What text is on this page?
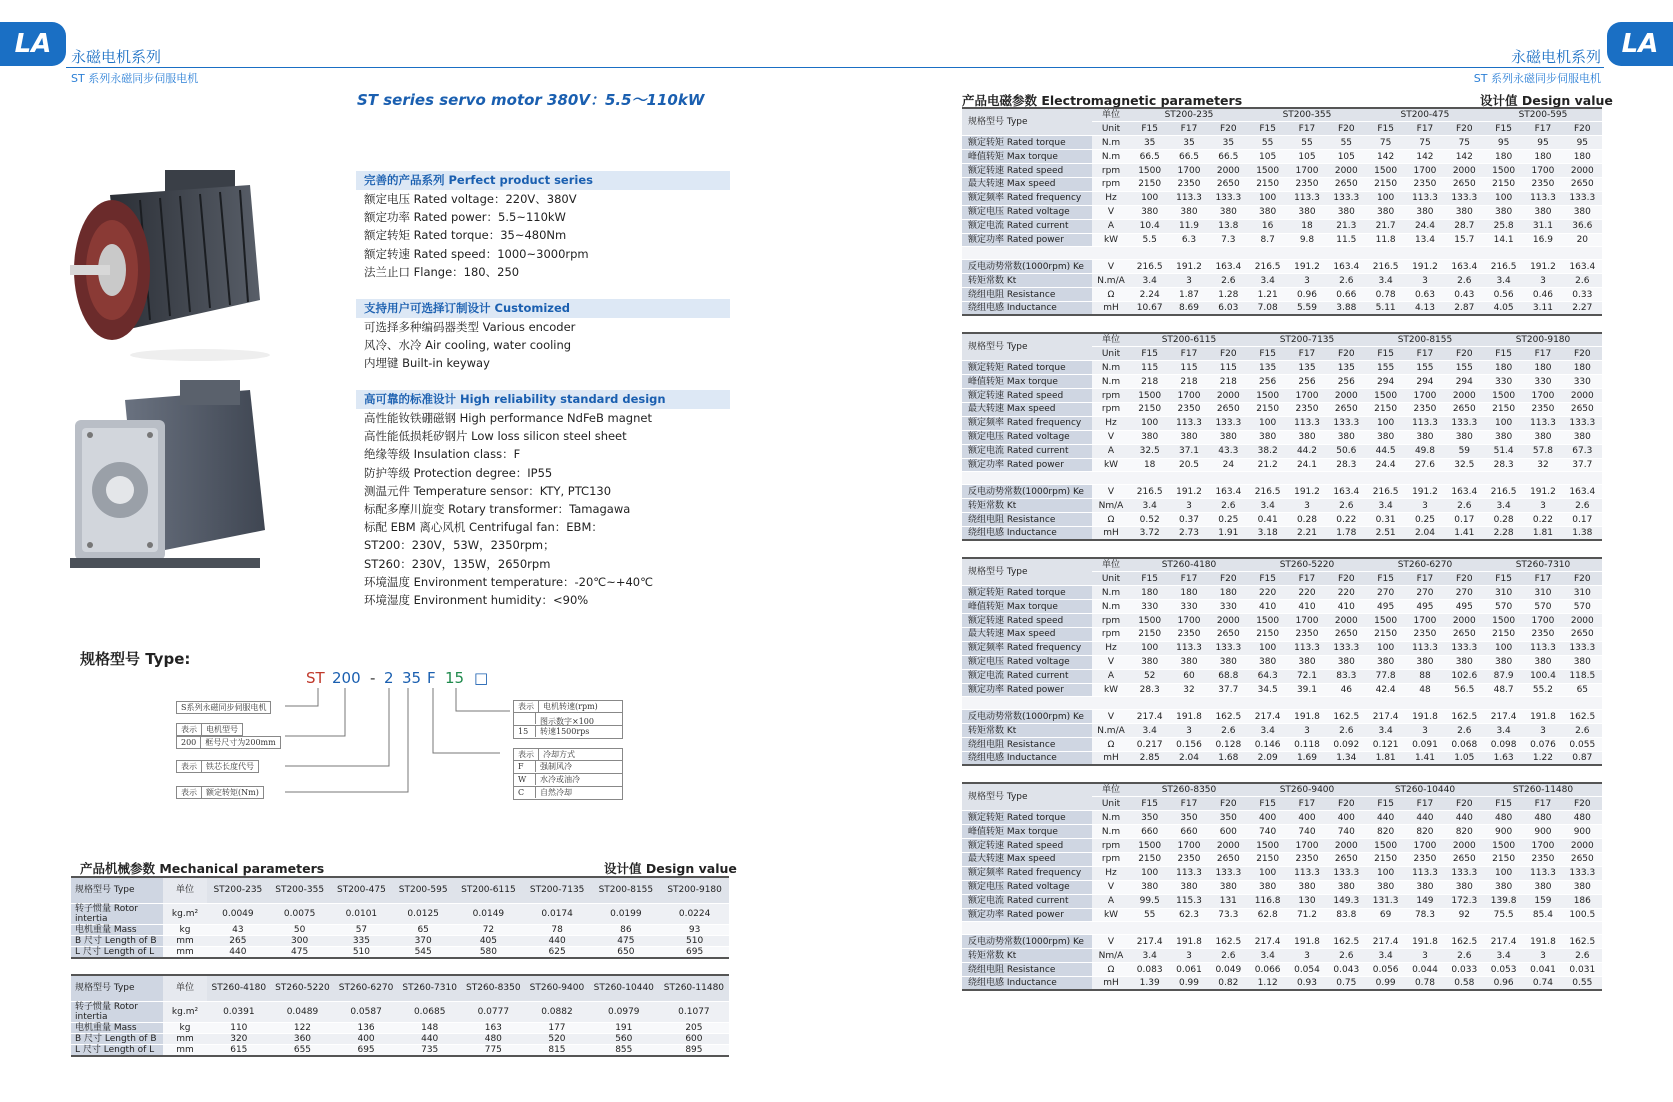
LA	LA
永磁电机系列
ST 系列永磁同步伺服电机
永磁电机系列
ST 系列永磁同步伺服电机
ST series servo motor 380V：5.5～110kW
完善的产品系列 Perfect product series
额定电压 Rated voltage：220V、380V
额定功率 Rated power：5.5~110kW
额定转矩 Rated torque：35~480Nm
额定转速 Rated speed：1000~3000rpm
法兰止口 Flange：180、250
支持用户可选择订制设计 Customized
可选择多种编码器类型 Various encoder
风冷、水冷 Air cooling, water cooling
内埋键 Built-in keyway
高可靠的标准设计 High reliability standard design
高性能钕铁硼磁钢 High performance NdFeB magnet
高性能低损耗矽钢片 Low loss silicon steel sheet
绝缘等级 Insulation class：F
防护等级 Protection degree：IP55
测温元件 Temperature sensor：KTY, PTC130
标配多摩川旋变 Rotary transformer：Tamagawa
标配 EBM 离心风机 Centrifugal fan：EBM：
ST200：230V，53W，2350rpm；
ST260：230V，135W，2650rpm
环境温度 Environment temperature：-20℃~+40℃
环境湿度 Environment humidity：<90%
规格型号 Type:
ST 200 - 2 35 F 15 □
S系列永磁同步伺服电机
表示 电机型号
200 框号尺寸为200mm
表示 铁芯长度代号
表示 额定转矩(Nm)
表示 电机转速(rpm)
图示数字×100
15 转速1500rps
表示 冷却方式
F 强制风冷
W 水冷或油冷
C 自然冷却
产品机械参数 Mechanical parameters	设计值 Design value
规格型号 Type	单位	ST200-235	ST200-355	ST200-475	ST200-595	ST200-6115	ST200-7135	ST200-8155	ST200-9180
转子惯量 Rotor intertia	kg.m²	0.0049	0.0075	0.0101	0.0125	0.0149	0.0174	0.0199	0.0224
电机重量 Mass	kg	43	50	57	65	72	78	86	93
B 尺寸 Length of B	mm	265	300	335	370	405	440	475	510
L 尺寸 Length of L	mm	440	475	510	545	580	625	650	695
规格型号 Type	单位	ST260-4180	ST260-5220	ST260-6270	ST260-7310	ST260-8350	ST260-9400	ST260-10440	ST260-11480
转子惯量 Rotor intertia	kg.m²	0.0391	0.0489	0.0587	0.0685	0.0777	0.0882	0.0979	0.1077
电机重量 Mass	kg	110	122	136	148	163	177	191	205
B 尺寸 Length of B	mm	320	360	400	440	480	520	560	600
L 尺寸 Length of L	mm	615	655	695	735	775	815	855	895
产品电磁参数 Electromagnetic parameters	设计值 Design value
规格型号 Type	单位	ST200-235			ST200-355			ST200-475			ST200-595		
	Unit	F15	F17	F20	F15	F17	F20	F15	F17	F20	F15	F17	F20
额定转矩 Rated torque	N.m	35	35	35	55	55	55	75	75	75	95	95	95
峰值转矩 Max torque	N.m	66.5	66.5	66.5	105	105	105	142	142	142	180	180	180
额定转速 Rated speed	rpm	1500	1700	2000	1500	1700	2000	1500	1700	2000	1500	1700	2000
最大转速 Max speed	rpm	2150	2350	2650	2150	2350	2650	2150	2350	2650	2150	2350	2650
额定频率 Rated frequency	Hz	100	113.3	133.3	100	113.3	133.3	100	113.3	133.3	100	113.3	133.3
额定电压 Rated voltage	V	380	380	380	380	380	380	380	380	380	380	380	380
额定电流 Rated current	A	10.4	11.9	13.8	16	18	21.3	21.7	24.4	28.7	25.8	31.1	36.6
额定功率 Rated power	kW	5.5	6.3	7.3	8.7	9.8	11.5	11.8	13.4	15.7	14.1	16.9	20

反电动势常数(1000rpm) Ke	V	216.5	191.2	163.4	216.5	191.2	163.4	216.5	191.2	163.4	216.5	191.2	163.4
转矩常数 Kt	N.m/A	3.4	3	2.6	3.4	3	2.6	3.4	3	2.6	3.4	3	2.6
绕组电阻 Resistance	Ω	2.24	1.87	1.28	1.21	0.96	0.66	0.78	0.63	0.43	0.56	0.46	0.33
绕组电感 Inductance	mH	10.67	8.69	6.03	7.08	5.59	3.88	5.11	4.13	2.87	4.05	3.11	2.27
规格型号 Type	单位	ST200-6115			ST200-7135			ST200-8155			ST200-9180		
	Unit	F15	F17	F20	F15	F17	F20	F15	F17	F20	F15	F17	F20
额定转矩 Rated torque	N.m	115	115	115	135	135	135	155	155	155	180	180	180
峰值转矩 Max torque	N.m	218	218	218	256	256	256	294	294	294	330	330	330
额定转速 Rated speed	rpm	1500	1700	2000	1500	1700	2000	1500	1700	2000	1500	1700	2000
最大转速 Max speed	rpm	2150	2350	2650	2150	2350	2650	2150	2350	2650	2150	2350	2650
额定频率 Rated frequency	Hz	100	113.3	133.3	100	113.3	133.3	100	113.3	133.3	100	113.3	133.3
额定电压 Rated voltage	V	380	380	380	380	380	380	380	380	380	380	380	380
额定电流 Rated current	A	32.5	37.1	43.3	38.2	44.2	50.6	44.5	49.8	59	51.4	57.8	67.3
额定功率 Rated power	kW	18	20.5	24	21.2	24.1	28.3	24.4	27.6	32.5	28.3	32	37.7

反电动势常数(1000rpm) Ke	V	216.5	191.2	163.4	216.5	191.2	163.4	216.5	191.2	163.4	216.5	191.2	163.4
转矩常数 Kt	Nm/A	3.4	3	2.6	3.4	3	2.6	3.4	3	2.6	3.4	3	2.6
绕组电阻 Resistance	Ω	0.52	0.37	0.25	0.41	0.28	0.22	0.31	0.25	0.17	0.28	0.22	0.17
绕组电感 Inductance	mH	3.72	2.73	1.91	3.18	2.21	1.78	2.51	2.04	1.41	2.28	1.81	1.38
规格型号 Type	单位	ST260-4180			ST260-5220			ST260-6270			ST260-7310		
	Unit	F15	F17	F20	F15	F17	F20	F15	F17	F20	F15	F17	F20
额定转矩 Rated torque	N.m	180	180	180	220	220	220	270	270	270	310	310	310
峰值转矩 Max torque	N.m	330	330	330	410	410	410	495	495	495	570	570	570
额定转速 Rated speed	rpm	1500	1700	2000	1500	1700	2000	1500	1700	2000	1500	1700	2000
最大转速 Max speed	rpm	2150	2350	2650	2150	2350	2650	2150	2350	2650	2150	2350	2650
额定频率 Rated frequency	Hz	100	113.3	133.3	100	113.3	133.3	100	113.3	133.3	100	113.3	133.3
额定电压 Rated voltage	V	380	380	380	380	380	380	380	380	380	380	380	380
额定电流 Rated current	A	52	60	68.8	64.3	72.1	83.3	77.8	88	102.6	87.9	100.4	118.5
额定功率 Rated power	kW	28.3	32	37.7	34.5	39.1	46	42.4	48	56.5	48.7	55.2	65

反电动势常数(1000rpm) Ke	V	217.4	191.8	162.5	217.4	191.8	162.5	217.4	191.8	162.5	217.4	191.8	162.5
转矩常数 Kt	N.m/A	3.4	3	2.6	3.4	3	2.6	3.4	3	2.6	3.4	3	2.6
绕组电阻 Resistance	Ω	0.217	0.156	0.128	0.146	0.118	0.092	0.121	0.091	0.068	0.098	0.076	0.055
绕组电感 Inductance	mH	2.85	2.04	1.68	2.09	1.69	1.34	1.81	1.41	1.05	1.63	1.22	0.87
规格型号 Type	单位	ST260-8350			ST260-9400			ST260-10440			ST260-11480		
	Unit	F15	F17	F20	F15	F17	F20	F15	F17	F20	F15	F17	F20
额定转矩 Rated torque	N.m	350	350	350	400	400	400	440	440	440	480	480	480
峰值转矩 Max torque	N.m	660	660	600	740	740	740	820	820	820	900	900	900
额定转速 Rated speed	rpm	1500	1700	2000	1500	1700	2000	1500	1700	2000	1500	1700	2000
最大转速 Max speed	rpm	2150	2350	2650	2150	2350	2650	2150	2350	2650	2150	2350	2650
额定频率 Rated frequency	Hz	100	113.3	133.3	100	113.3	133.3	100	113.3	133.3	100	113.3	133.3
额定电压 Rated voltage	V	380	380	380	380	380	380	380	380	380	380	380	380
额定电流 Rated current	A	99.5	115.3	131	116.8	130	149.3	131.3	149	172.3	139.8	159	186
额定功率 Rated power	kW	55	62.3	73.3	62.8	71.2	83.8	69	78.3	92	75.5	85.4	100.5

反电动势常数(1000rpm) Ke	V	217.4	191.8	162.5	217.4	191.8	162.5	217.4	191.8	162.5	217.4	191.8	162.5
转矩常数 Kt	Nm/A	3.4	3	2.6	3.4	3	2.6	3.4	3	2.6	3.4	3	2.6
绕组电阻 Resistance	Ω	0.083	0.061	0.049	0.066	0.054	0.043	0.056	0.044	0.033	0.053	0.041	0.031
绕组电感 Inductance	mH	1.39	0.99	0.82	1.12	0.93	0.75	0.99	0.78	0.58	0.96	0.74	0.55
